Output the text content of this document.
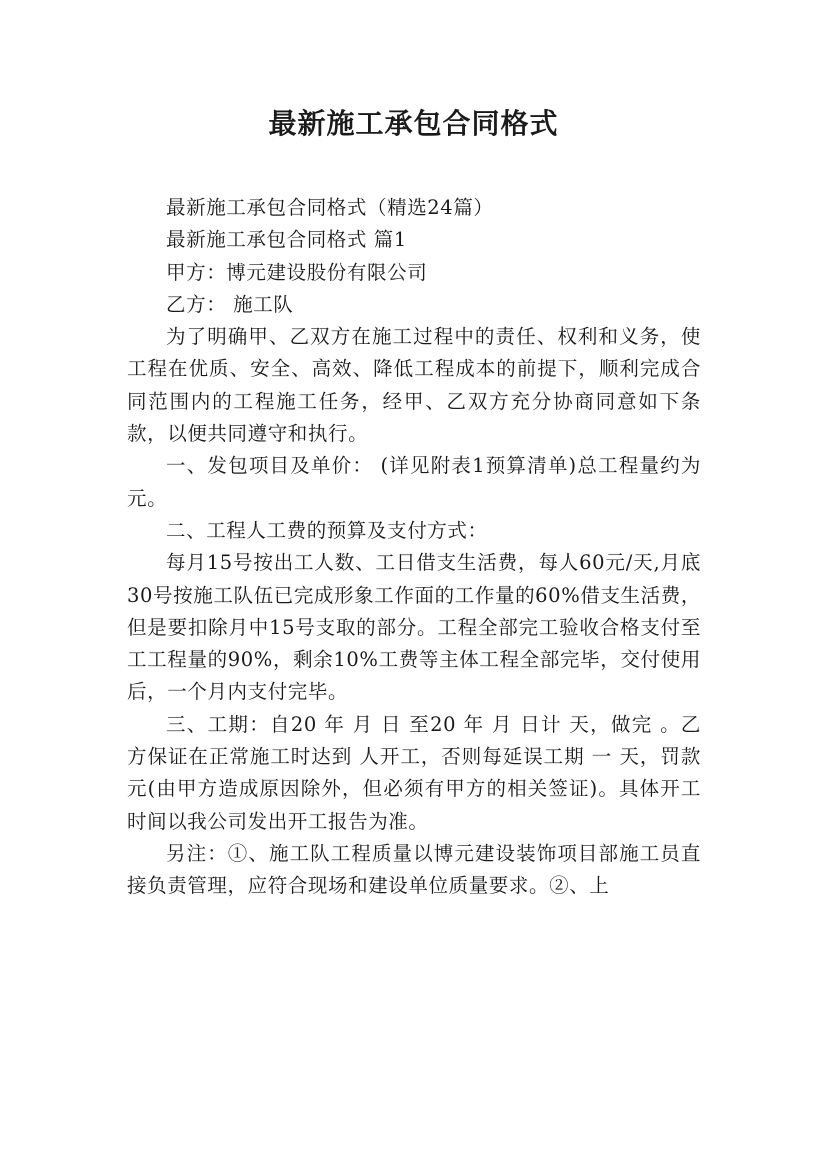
最新施工承包合同格式

最新施工承包合同格式（精选24篇）

最新施工承包合同格式 篇1

甲方：博元建设股份有限公司

乙方： 施工队

为了明确甲、乙双方在施工过程中的责任、权利和义务，使工程在优质、安全、高效、降低工程成本的前提下，顺利完成合同范围内的工程施工任务，经甲、乙双方充分协商同意如下条款，以便共同遵守和执行。

一、发包项目及单价： (详见附表1预算清单)总工程量约为 元。

二、工程人工费的预算及支付方式：

每月15号按出工人数、工日借支生活费，每人60元/天,月底30号按施工队伍已完成形象工作面的工作量的60%借支生活费，但是要扣除月中15号支取的部分。工程全部完工验收合格支付至工工程量的90%，剩余10%工费等主体工程全部完毕，交付使用后，一个月内支付完毕。

三、工期：自20 年 月 日 至20 年 月 日计 天，做完 。乙方保证在正常施工时达到 人开工，否则每延误工期 一 天，罚款 元(由甲方造成原因除外，但必须有甲方的相关签证)。具体开工时间以我公司发出开工报告为准。

另注：①、施工队工程质量以博元建设装饰项目部施工员直接负责管理，应符合现场和建设单位质量要求。②、上
